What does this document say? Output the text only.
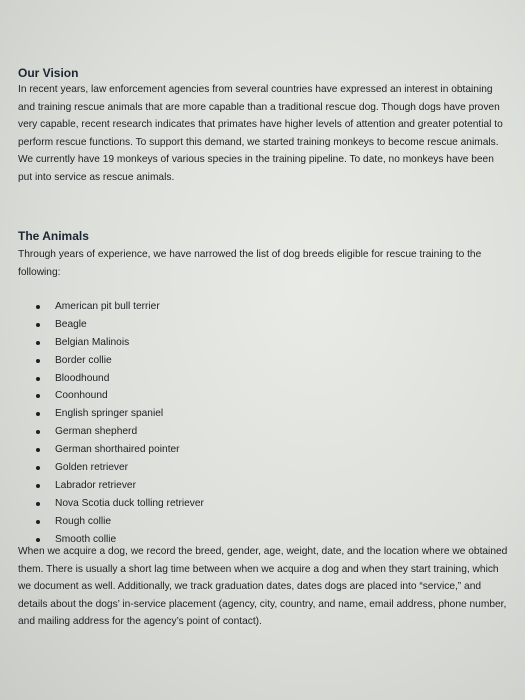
Our Vision
In recent years, law enforcement agencies from several countries have expressed an interest in obtaining and training rescue animals that are more capable than a traditional rescue dog. Though dogs have proven very capable, recent research indicates that primates have higher levels of attention and greater potential to perform rescue functions. To support this demand, we started training monkeys to become rescue animals. We currently have 19 monkeys of various species in the training pipeline. To date, no monkeys have been put into service as rescue animals.
The Animals
Through years of experience, we have narrowed the list of dog breeds eligible for rescue training to the following:
American pit bull terrier
Beagle
Belgian Malinois
Border collie
Bloodhound
Coonhound
English springer spaniel
German shepherd
German shorthaired pointer
Golden retriever
Labrador retriever
Nova Scotia duck tolling retriever
Rough collie
Smooth collie
When we acquire a dog, we record the breed, gender, age, weight, date, and the location where we obtained them. There is usually a short lag time between when we acquire a dog and when they start training, which we document as well. Additionally, we track graduation dates, dates dogs are placed into “service,” and details about the dogs’ in-service placement (agency, city, country, and name, email address, phone number, and mailing address for the agency’s point of contact).
